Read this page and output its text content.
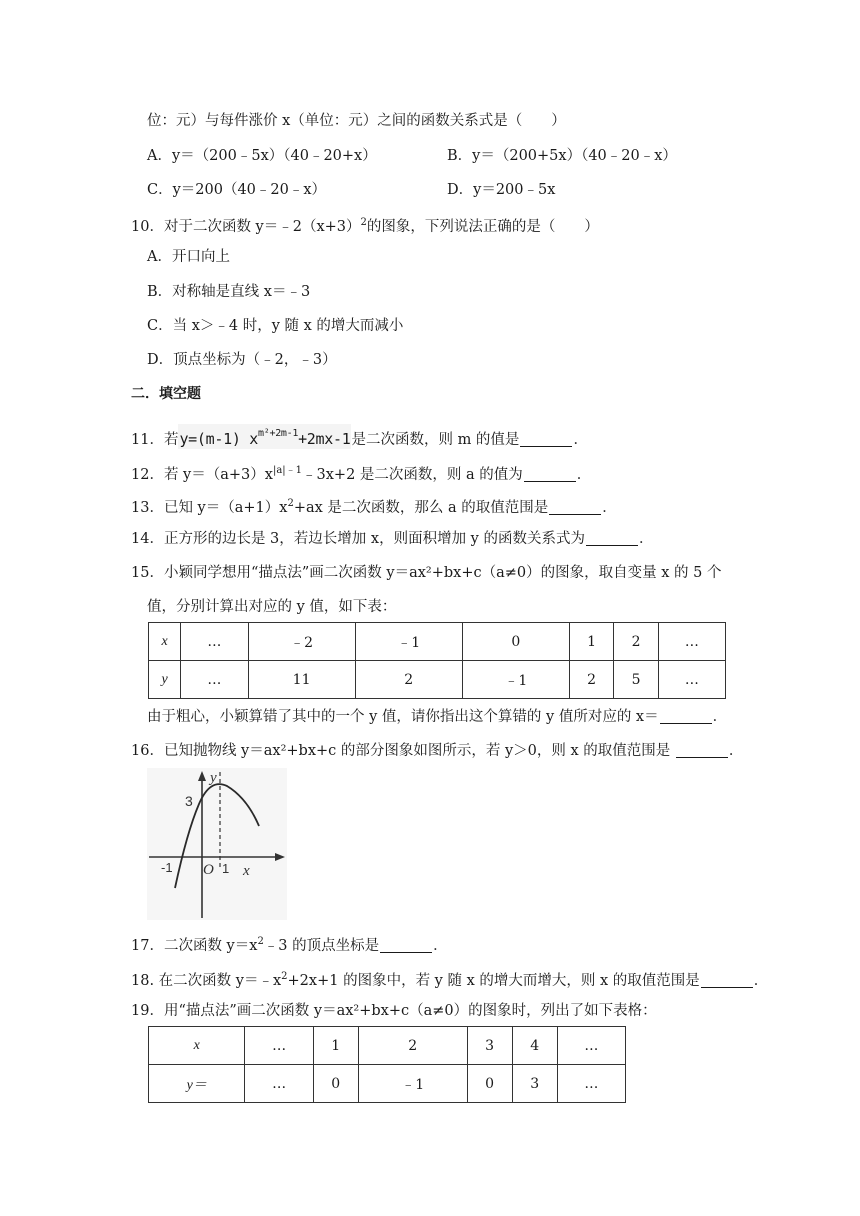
位：元）与每件涨价 x（单位：元）之间的函数关系式是（　　）
A．y＝（200﹣5x）（40﹣20+x）	B．y＝（200+5x）（40﹣20﹣x）
C．y＝200（40﹣20﹣x）	D．y＝200﹣5x
10．对于二次函数 $y=﹣2(x+3)^2$的图象，下列说法正确的是（　　）
A．开口向上
B．对称轴是直线 x＝﹣3
C．当 x＞﹣4 时，y 随 x 的增大而减小
D．顶点坐标为（﹣2，﹣3）
二．填空题
11．若y=(m-1) $x^{m^2+2m-1}+2mx-1$是二次函数，则 m 的值是	．
12．若 $y=(a+3)x^{|a|﹣1}﹣3x+2$ 是二次函数，则 a 的值为	．
13．已知 $y=(a+1)x^2+ax$ 是二次函数，那么 a 的取值范围是	．
14．正方形的边长是 3，若边长增加 x，则面积增加 y 的函数关系式为	．
15．小颖同学想用“描点法”画二次函数 y＝ax²+bx+c（a≠0）的图象，取自变量 x 的 5 个
值，分别计算出对应的 y 值，如下表：
x	…	﹣2	﹣1	0	1	2	…
y	…	11	2	﹣1	2	5	…
由于粗心，小颖算错了其中的一个 y 值，请你指出这个算错的 y 值所对应的 x＝	．
16．已知抛物线 y＝ax²+bx+c 的部分图象如图所示，若 y＞0，则 x 的取值范围是	．
y
x
O
3
-1	1
17．二次函数 $y=x^2﹣3$ 的顶点坐标是	．
18. 在二次函数 $y=﹣x^2+2x+1$ 的图象中，若 y 随 x 的增大而增大，则 x 的取值范围是	．
19．用“描点法”画二次函数 y＝ax²+bx+c（a≠0）的图象时，列出了如下表格：
x	…	1	2	3	4	…
y＝	…	0	﹣1	0	3	…
